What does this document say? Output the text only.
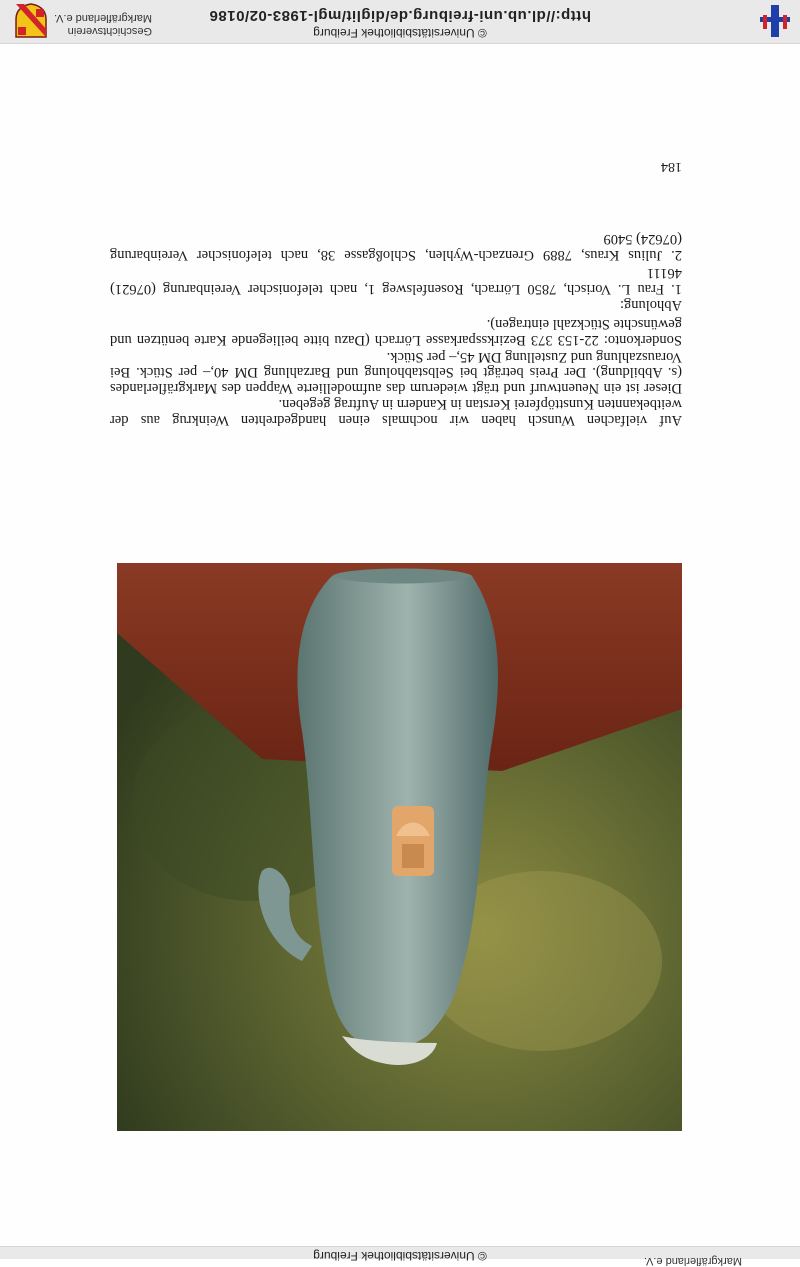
© Universitätsbibliothek Freiburg	Markgräflerland e.V.
Auf vielfachen Wunsch haben wir nochmals einen handgedrehten Weinkrug aus der weitbekannten Kunsttöpferei Kerstan in Kandern in Auftrag gegeben.
Dieser ist ein Neuentwurf und trägt wiederum das aufmodellierte Wappen des Markgräflerlandes (s. Abbildung). Der Preis beträgt bei Selbstabholung und Barzahlung DM 40,– per Stück. Bei Vorauszahlung und Zustellung DM 45,– per Stück.
Sonderkonto: 22-153 373 Bezirkssparkasse Lörrach (Dazu bitte beiliegende Karte benützen und gewünschte Stückzahl eintragen).
Abholung:
1. Frau L. Vorisch, 7850 Lörrach, Rosenfelsweg 1, nach telefonischer Vereinbarung (07621) 46111
2. Julius Kraus, 7889 Grenzach-Wyhlen, Schloßgasse 38, nach telefonischer Vereinbarung (07624) 5409
184
© Universitätsbibliothek Freiburg
http://dl.ub.uni-freiburg.de/diglit/mgl-1983-02/0186
Geschichtsverein
Markgräflerland e.V.
